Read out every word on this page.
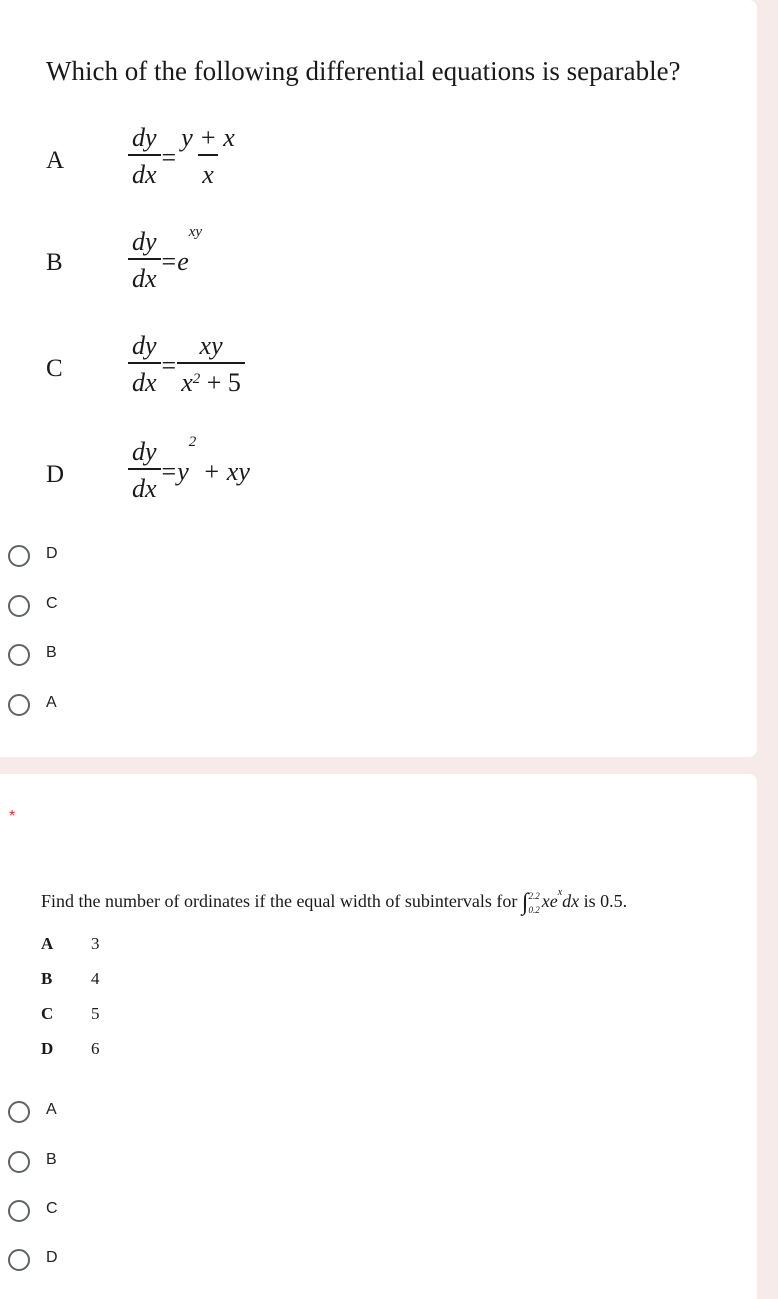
Which of the following differential equations is separable?
A $\frac{dy}{dx} = \frac{y + x}{x}$
B	$\frac{dy}{dx} =e^{xy}$
C	$\frac{dy}{dx} = \frac{xy}{x^2 + 5}$
D $\frac{dy}{dx} =y^2$ + xy
D
C
B
A
*
Find the number of ordinates if the equal width of subintervals for ∫ 2.2
0.2 $xe^xdx$ is 0.5.
A 3
B 4
C 5
D 6
A
B
C
D
